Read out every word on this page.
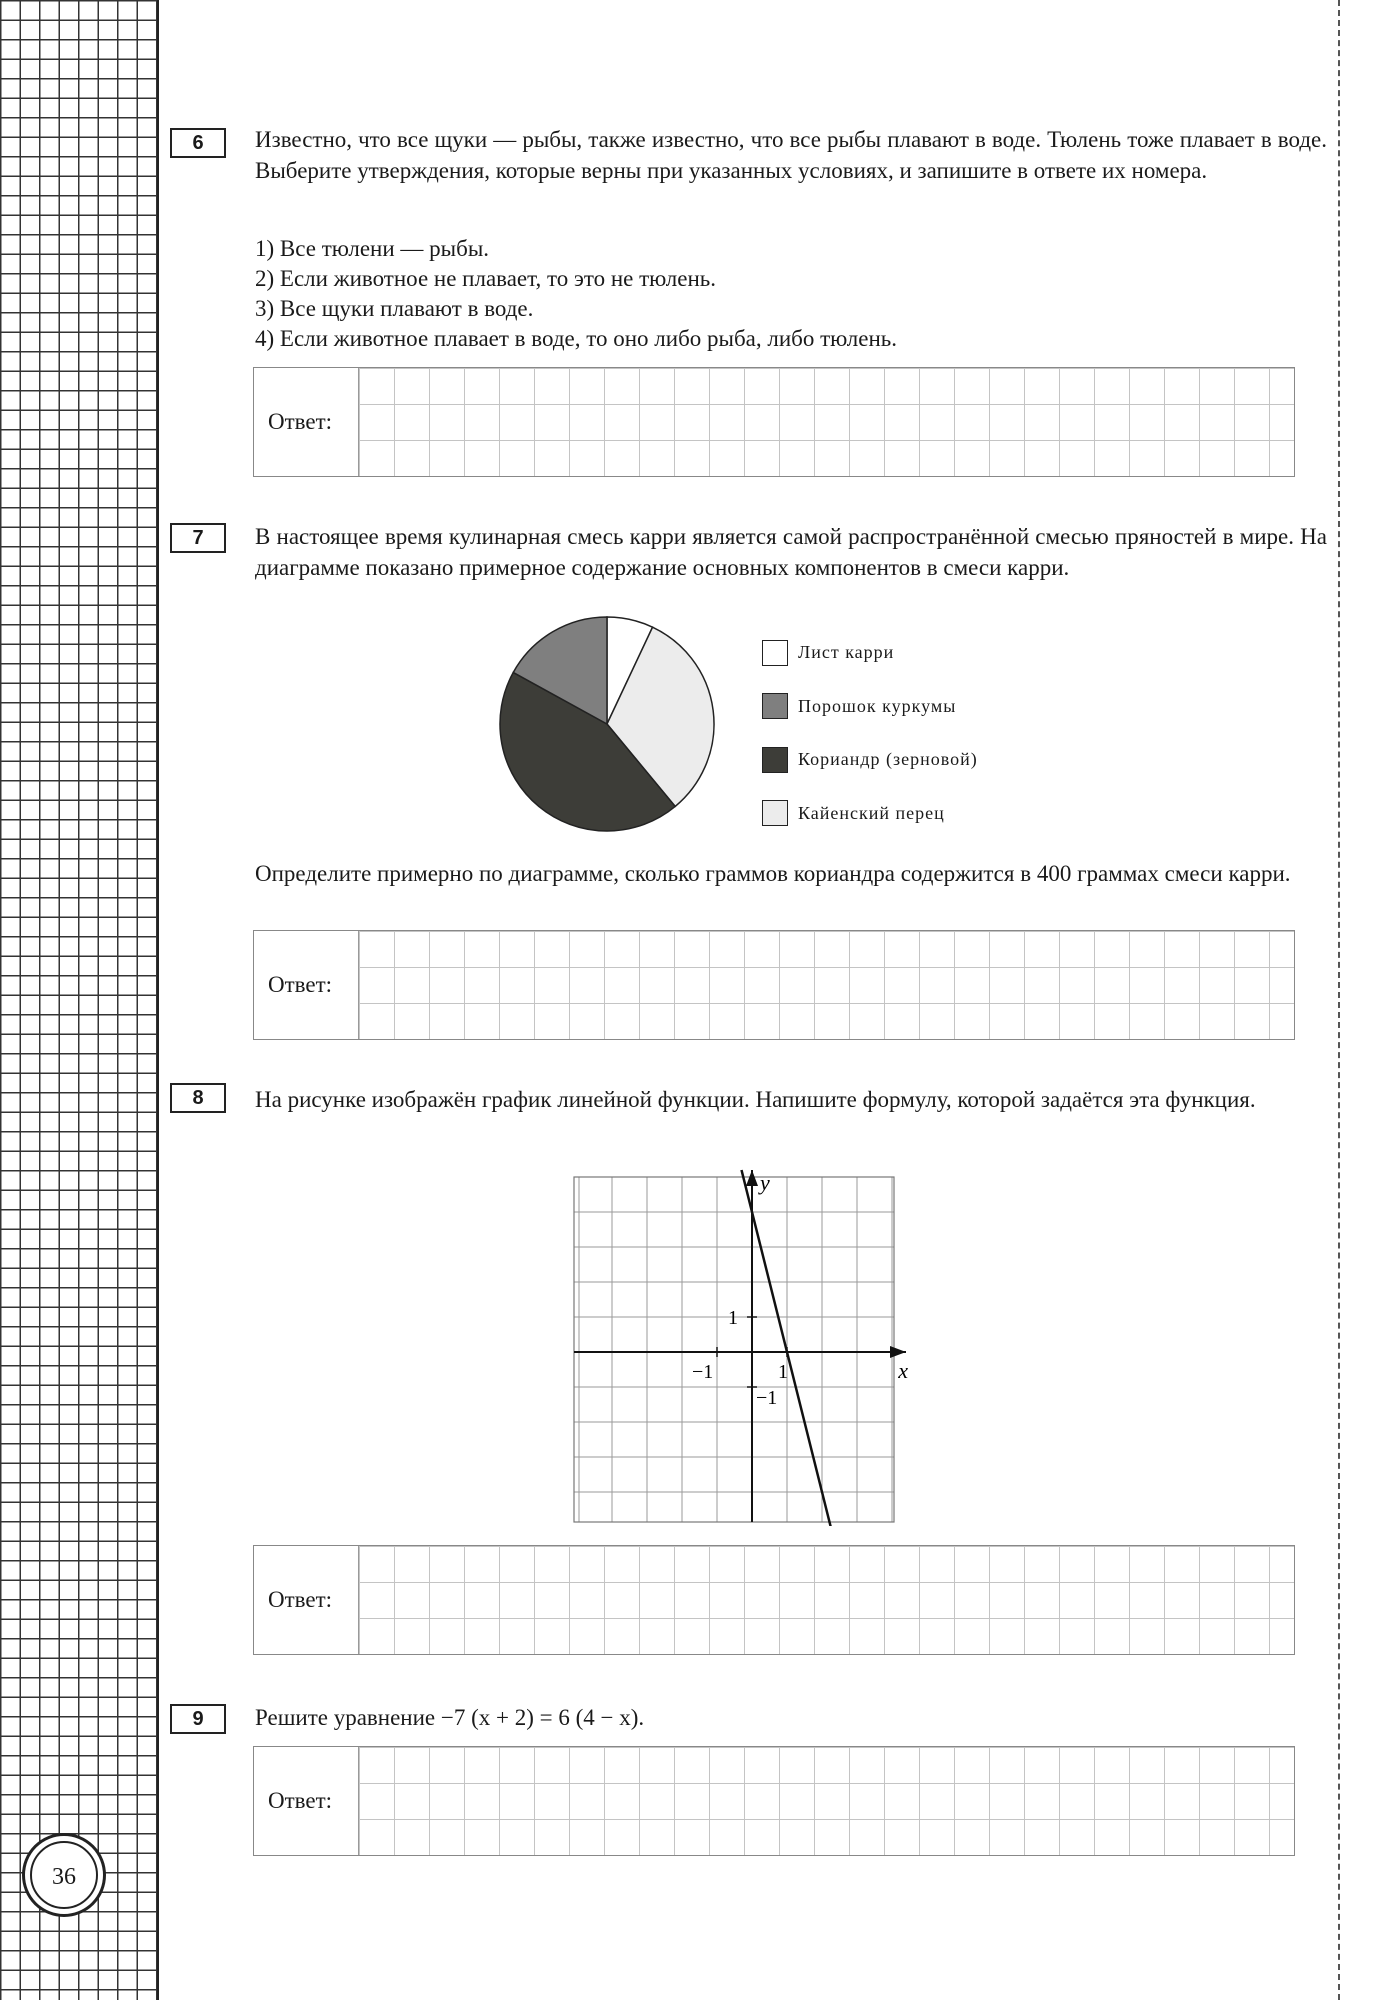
6	Известно, что все щуки — рыбы, также известно, что все рыбы плавают в воде. Тюлень тоже плавает в воде. Выберите утверждения, которые верны при указанных условиях, и запишите в ответе их номера.

1) Все тюлени — рыбы.
2) Если животное не плавает, то это не тюлень.
3) Все щуки плавают в воде.
4) Если животное плавает в воде, то оно либо рыба, либо тюлень.
Ответ:
7	В настоящее время кулинарная смесь карри является самой распространённой смесью пряностей в мире. На диаграмме показано примерное содержание основных компонентов в смеси карри.

Лист карри
Порошок куркумы
Кориандр (зерновой)
Кайенский перец

Определите примерно по диаграмме, сколько граммов кориандра содержится в 400 граммах смеси карри.

Ответ:
8	На рисунке изображён график линейной функции. Напишите формулу, которой задаётся эта функция.

x
y
−1	1
1
−1
Ответ:
9	Решите уравнение −7 (x + 2) = 6 (4 − x).

Ответ:
36
